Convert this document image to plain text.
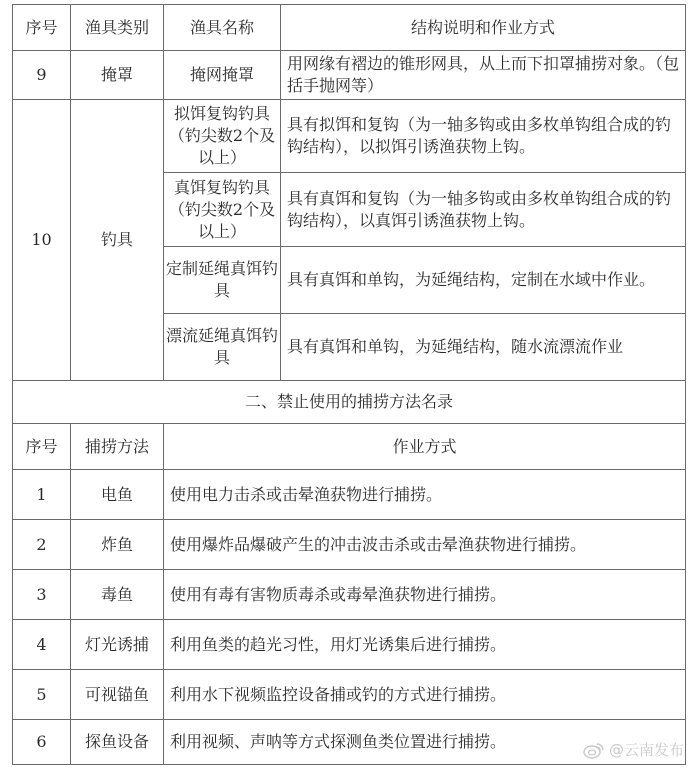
序号	渔具类别	渔具名称	结构说明和作业方式
9	掩罩	掩网掩罩	用网缘有褶边的锥形网具，从上而下扣罩捕捞对象。（包括手抛网等）
10	钓具	拟饵复钩钓具（钓尖数2个及以上）	具有拟饵和复钩（为一轴多钩或由多枚单钩组合成的钓钩结构），以拟饵引诱渔获物上钩。
		真饵复钩钓具（钓尖数2个及以上）	具有真饵和复钩（为一轴多钩或由多枚单钩组合成的钓钩结构），以真饵引诱渔获物上钩。
		定制延绳真饵钓具	具有真饵和单钩，为延绳结构，定制在水域中作业。
		漂流延绳真饵钓具	具有真饵和单钩，为延绳结构，随水流漂流作业
二、禁止使用的捕捞方法名录			
序号	捕捞方法	作业方式	
1	电鱼	使用电力击杀或击晕渔获物进行捕捞。	
2	炸鱼	使用爆炸品爆破产生的冲击波击杀或击晕渔获物进行捕捞。	
3	毒鱼	使用有毒有害物质毒杀或毒晕渔获物进行捕捞。	
4	灯光诱捕	利用鱼类的趋光习性，用灯光诱集后进行捕捞。	
5	可视锚鱼	利用水下视频监控设备捕或钓的方式进行捕捞。	
6	探鱼设备	利用视频、声呐等方式探测鱼类位置进行捕捞。		@云南发布
